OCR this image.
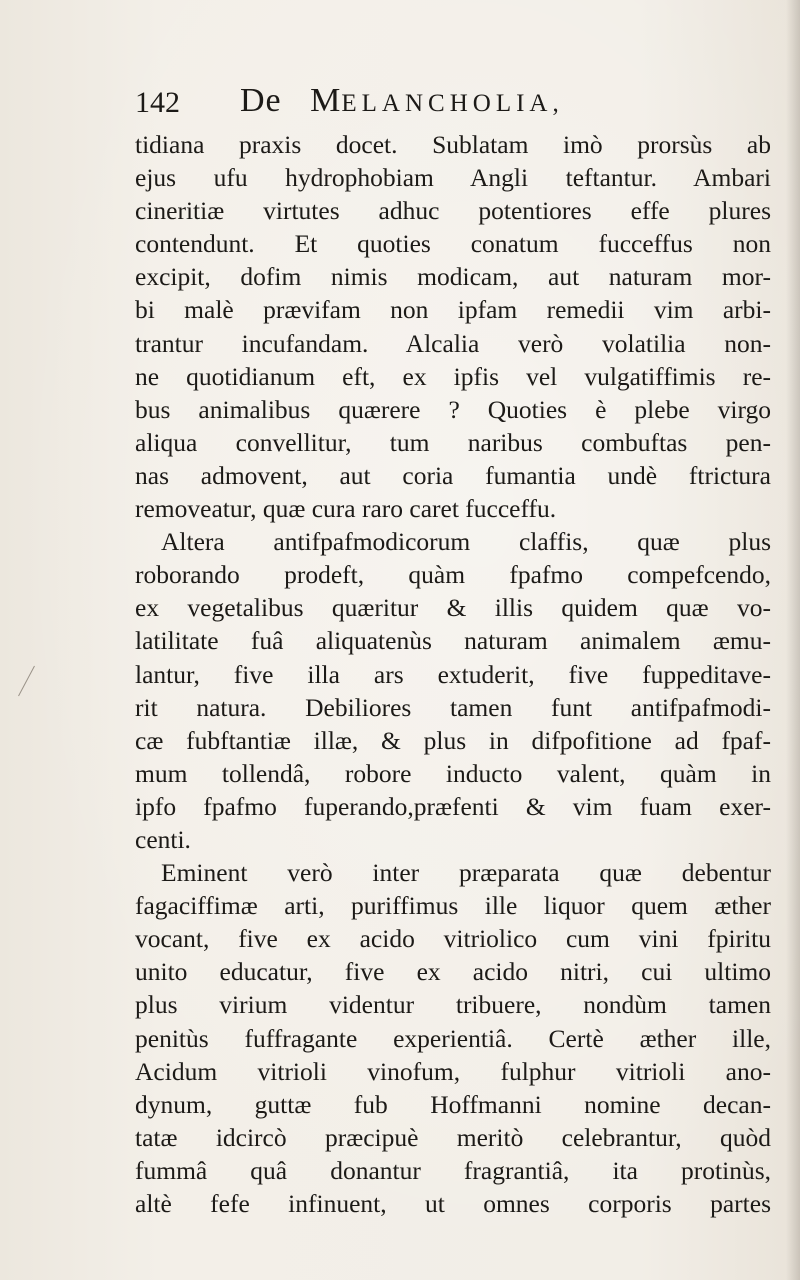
142 De MELANCHOLIA,
tidiana praxis docet. Sublatam imò prorsùs ab
ejus ufu hydrophobiam Angli teftantur. Ambari
cineritiæ virtutes adhuc potentiores effe plures
contendunt. Et quoties conatum fucceffus non
excipit, dofim nimis modicam, aut naturam mor-
bi malè prævifam non ipfam remedii vim arbi-
trantur incufandam. Alcalia verò volatilia non-
ne quotidianum eft, ex ipfis vel vulgatiffimis re-
bus animalibus quærere ? Quoties è plebe virgo
aliqua convellitur, tum naribus combuftas pen-
nas admovent, aut coria fumantia undè ftrictura
removeatur, quæ cura raro caret fucceffu.
Altera antifpafmodicorum claffis, quæ plus
roborando prodeft, quàm fpafmo compefcendo,
ex vegetalibus quæritur & illis quidem quæ vo-
latilitate fuâ aliquatenùs naturam animalem æmu-
lantur, five illa ars extuderit, five fuppeditave-
rit natura. Debiliores tamen funt antifpafmodi-
cæ fubftantiæ illæ, & plus in difpofitione ad fpaf-
mum tollendâ, robore inducto valent, quàm in
ipfo fpafmo fuperando,præfenti & vim fuam exer-
centi.
Eminent verò inter præparata quæ debentur
fagaciffimæ arti, puriffimus ille liquor quem æther
vocant, five ex acido vitriolico cum vini fpiritu
unito educatur, five ex acido nitri, cui ultimo
plus virium videntur tribuere, nondùm tamen
penitùs fuffragante experientiâ. Certè æther ille,
Acidum vitrioli vinofum, fulphur vitrioli ano-
dynum, guttæ fub Hoffmanni nomine decan-
tatæ idcircò præcipuè meritò celebrantur, quòd
fummâ quâ donantur fragrantiâ, ita protinùs,
altè fefe infinuent, ut omnes corporis partes
